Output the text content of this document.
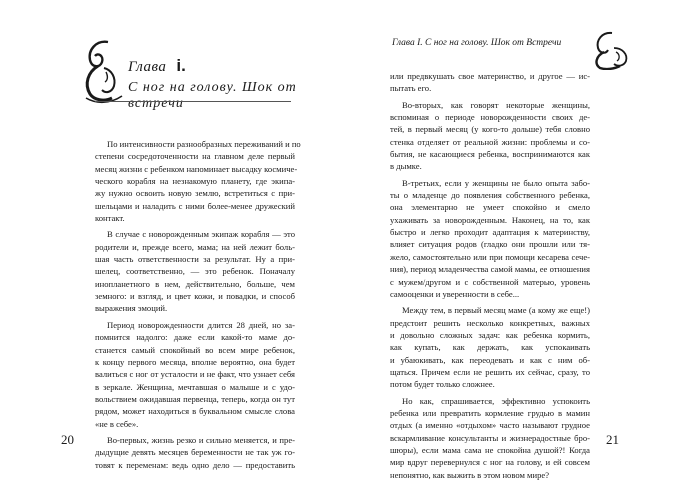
Глава i.
С ног на голову. Шок от встречи
По интенсивности разнообразных переживаний и по
степени сосредоточенности на главном деле первый
месяц жизни с ребенком напоминает высадку космиче-
ческого корабля на незнакомую планету, где экипа-
жу нужно освоить новую землю, встретиться с при-
шельцами и наладить с ними более-менее дружеский
контакт.
В случае с новорожденным экипаж корабля — это
родители и, прежде всего, мама; на ней лежит боль-
шая часть ответственности за результат. Ну а при-
шелец, соответственно, — это ребенок. Поначалу
инопланетного в нем, действительно, больше, чем
земного: и взгляд, и цвет кожи, и повадки, и способ
выражения эмоций.
Период новорожденности длится 28 дней, но за-
помнится надолго: даже если какой-то маме до-
станется самый спокойный во всем мире ребенок,
к концу первого месяца, вполне вероятно, она будет
валиться с ног от усталости и не факт, что узнает себя
в зеркале. Женщина, мечтавшая о малыше и с удо-
вольствием ожидавшая первенца, теперь, когда он тут
рядом, может находиться в буквальном смысле слова
«не в себе».
Во-первых, жизнь резко и сильно меняется, и пре-
дыдущие девять месяцев беременности не так уж го-
товят к переменам: ведь одно дело — предоставить
20
Глава I. С ног на голову. Шок от Встречи
или предвкушать свое материнство, и другое — ис-
пытать его.
Во-вторых, как говорят некоторые женщины,
вспоминая о периоде новорожденности своих де-
тей, в первый месяц (у кого-то дольше) тебя словно
стенка отделяет от реальной жизни: проблемы и со-
бытия, не касающиеся ребенка, воспринимаются как
в дымке.
В-третьих, если у женщины не было опыта забо-
ты о младенце до появления собственного ребенка,
она элементарно не умеет спокойно и смело
ухаживать за новорожденным. Наконец, на то, как
быстро и легко проходит адаптация к материнству,
влияет ситуация родов (гладко они прошли или тя-
жело, самостоятельно или при помощи кесарева сече-
ния), период младенчества самой мамы, ее отношения
с мужем/другом и с собственной матерью, уровень
самооценки и уверенности в себе...
Между тем, в первый месяц маме (а кому же еще!)
предстоит решить несколько конкретных, важных
и довольно сложных задач: как ребенка кормить,
как купать, как держать, как успокаивать
и убаюкивать, как переодевать и как с ним об-
щаться. Причем если не решить их сейчас, сразу, то
потом будет только сложнее.
Но как, спрашивается, эффективно успокоить
ребенка или превратить кормление грудью в мамин
отдых (а именно «отдыхом» часто называют грудное
вскармливание консультанты и жизнерадостные бро-
шюры), если мама сама не спокойна душой?! Когда
мир вдруг перевернулся с ног на голову, и ей совсем
непонятно, как выжить в этом новом мире?
21
